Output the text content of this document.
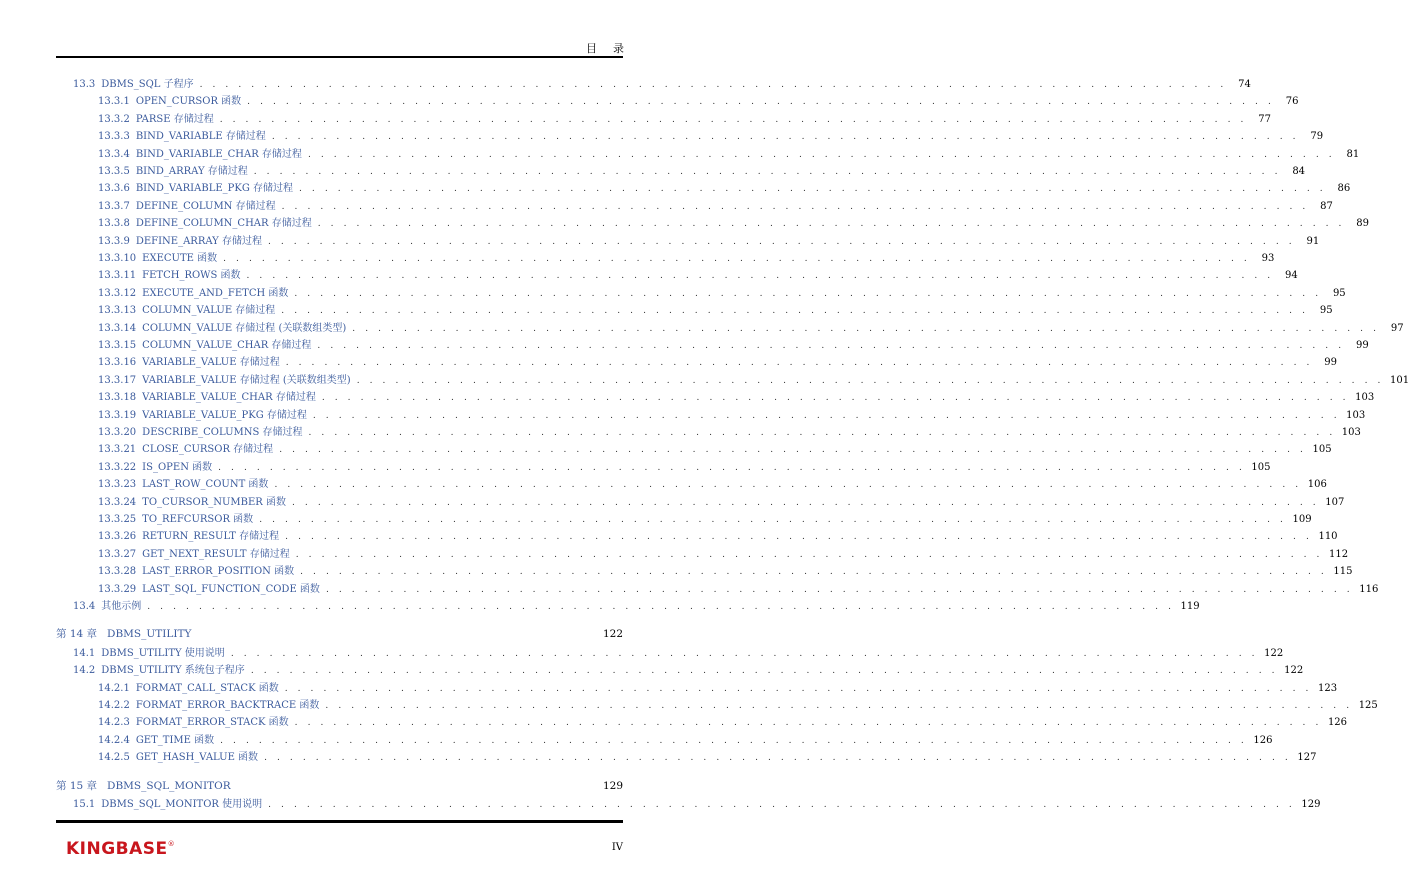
目录
13.3 DBMS_SQL 子程序 . . . . . . . . . . . . . . . . . . . . . . . . . . . . . . . . . . . . . . . . . . . . . . . . . . . . . . . . . . . . . . . . . . . . . . . . . . . . . . . .	74
13.3.1 OPEN_CURSOR 函数 . . . . . . . . . . . . . . . . . . . . . . . . . . . . . . . . . . . . . . . . . . . . . . . . . . . . . . . . . . . . . . . . . . . . . . . . . . . . . . . .	76
13.3.2 PARSE 存储过程 . . . . . . . . . . . . . . . . . . . . . . . . . . . . . . . . . . . . . . . . . . . . . . . . . . . . . . . . . . . . . . . . . . . . . . . . . . . . . . . .	77
13.3.3 BIND_VARIABLE 存储过程 . . . . . . . . . . . . . . . . . . . . . . . . . . . . . . . . . . . . . . . . . . . . . . . . . . . . . . . . . . . . . . . . . . . . . . . . . . . . . . . .	79
13.3.4 BIND_VARIABLE_CHAR 存储过程 . . . . . . . . . . . . . . . . . . . . . . . . . . . . . . . . . . . . . . . . . . . . . . . . . . . . . . . . . . . . . . . . . . . . . . . . . . . . . . . .	81
13.3.5 BIND_ARRAY 存储过程 . . . . . . . . . . . . . . . . . . . . . . . . . . . . . . . . . . . . . . . . . . . . . . . . . . . . . . . . . . . . . . . . . . . . . . . . . . . . . . . .	84
13.3.6 BIND_VARIABLE_PKG 存储过程 . . . . . . . . . . . . . . . . . . . . . . . . . . . . . . . . . . . . . . . . . . . . . . . . . . . . . . . . . . . . . . . . . . . . . . . . . . . . . . . .	86
13.3.7 DEFINE_COLUMN 存储过程 . . . . . . . . . . . . . . . . . . . . . . . . . . . . . . . . . . . . . . . . . . . . . . . . . . . . . . . . . . . . . . . . . . . . . . . . . . . . . . . .	87
13.3.8 DEFINE_COLUMN_CHAR 存储过程 . . . . . . . . . . . . . . . . . . . . . . . . . . . . . . . . . . . . . . . . . . . . . . . . . . . . . . . . . . . . . . . . . . . . . . . . . . . . . . . .	89
13.3.9 DEFINE_ARRAY 存储过程 . . . . . . . . . . . . . . . . . . . . . . . . . . . . . . . . . . . . . . . . . . . . . . . . . . . . . . . . . . . . . . . . . . . . . . . . . . . . . . . .	91
13.3.10 EXECUTE 函数 . . . . . . . . . . . . . . . . . . . . . . . . . . . . . . . . . . . . . . . . . . . . . . . . . . . . . . . . . . . . . . . . . . . . . . . . . . . . . . . .	93
13.3.11 FETCH_ROWS 函数 . . . . . . . . . . . . . . . . . . . . . . . . . . . . . . . . . . . . . . . . . . . . . . . . . . . . . . . . . . . . . . . . . . . . . . . . . . . . . . . .	94
13.3.12 EXECUTE_AND_FETCH 函数 . . . . . . . . . . . . . . . . . . . . . . . . . . . . . . . . . . . . . . . . . . . . . . . . . . . . . . . . . . . . . . . . . . . . . . . . . . . . . . . .	95
13.3.13 COLUMN_VALUE 存储过程 . . . . . . . . . . . . . . . . . . . . . . . . . . . . . . . . . . . . . . . . . . . . . . . . . . . . . . . . . . . . . . . . . . . . . . . . . . . . . . . .	95
13.3.14 COLUMN_VALUE 存储过程 (关联数组类型) . . . . . . . . . . . . . . . . . . . . . . . . . . . . . . . . . . . . . . . . . . . . . . . . . . . . . . . . . . . . . . . . . . . . . . . . . . . . . . . .	97
13.3.15 COLUMN_VALUE_CHAR 存储过程 . . . . . . . . . . . . . . . . . . . . . . . . . . . . . . . . . . . . . . . . . . . . . . . . . . . . . . . . . . . . . . . . . . . . . . . . . . . . . . . .	99
13.3.16 VARIABLE_VALUE 存储过程 . . . . . . . . . . . . . . . . . . . . . . . . . . . . . . . . . . . . . . . . . . . . . . . . . . . . . . . . . . . . . . . . . . . . . . . . . . . . . . . .	99
13.3.17 VARIABLE_VALUE 存储过程 (关联数组类型) . . . . . . . . . . . . . . . . . . . . . . . . . . . . . . . . . . . . . . . . . . . . . . . . . . . . . . . . . . . . . . . . . . . . . . . . . . . . . . . . 101
13.3.18 VARIABLE_VALUE_CHAR 存储过程 . . . . . . . . . . . . . . . . . . . . . . . . . . . . . . . . . . . . . . . . . . . . . . . . . . . . . . . . . . . . . . . . . . . . . . . . . . . . . . . . 103
13.3.19 VARIABLE_VALUE_PKG 存储过程 . . . . . . . . . . . . . . . . . . . . . . . . . . . . . . . . . . . . . . . . . . . . . . . . . . . . . . . . . . . . . . . . . . . . . . . . . . . . . . . . 103
13.3.20 DESCRIBE_COLUMNS 存储过程 . . . . . . . . . . . . . . . . . . . . . . . . . . . . . . . . . . . . . . . . . . . . . . . . . . . . . . . . . . . . . . . . . . . . . . . . . . . . . . . . 103
13.3.21 CLOSE_CURSOR 存储过程 . . . . . . . . . . . . . . . . . . . . . . . . . . . . . . . . . . . . . . . . . . . . . . . . . . . . . . . . . . . . . . . . . . . . . . . . . . . . . . . . 105
13.3.22 IS_OPEN 函数 . . . . . . . . . . . . . . . . . . . . . . . . . . . . . . . . . . . . . . . . . . . . . . . . . . . . . . . . . . . . . . . . . . . . . . . . . . . . . . . . 105
13.3.23 LAST_ROW_COUNT 函数 . . . . . . . . . . . . . . . . . . . . . . . . . . . . . . . . . . . . . . . . . . . . . . . . . . . . . . . . . . . . . . . . . . . . . . . . . . . . . . . . 106
13.3.24 TO_CURSOR_NUMBER 函数 . . . . . . . . . . . . . . . . . . . . . . . . . . . . . . . . . . . . . . . . . . . . . . . . . . . . . . . . . . . . . . . . . . . . . . . . . . . . . . . . 107
13.3.25 TO_REFCURSOR 函数 . . . . . . . . . . . . . . . . . . . . . . . . . . . . . . . . . . . . . . . . . . . . . . . . . . . . . . . . . . . . . . . . . . . . . . . . . . . . . . . . 109
13.3.26 RETURN_RESULT 存储过程 . . . . . . . . . . . . . . . . . . . . . . . . . . . . . . . . . . . . . . . . . . . . . . . . . . . . . . . . . . . . . . . . . . . . . . . . . . . . . . . . 110
13.3.27 GET_NEXT_RESULT 存储过程 . . . . . . . . . . . . . . . . . . . . . . . . . . . . . . . . . . . . . . . . . . . . . . . . . . . . . . . . . . . . . . . . . . . . . . . . . . . . . . . . 112
13.3.28 LAST_ERROR_POSITION 函数 . . . . . . . . . . . . . . . . . . . . . . . . . . . . . . . . . . . . . . . . . . . . . . . . . . . . . . . . . . . . . . . . . . . . . . . . . . . . . . . . 115
13.3.29 LAST_SQL_FUNCTION_CODE 函数 . . . . . . . . . . . . . . . . . . . . . . . . . . . . . . . . . . . . . . . . . . . . . . . . . . . . . . . . . . . . . . . . . . . . . . . . . . . . . . . . 116
13.4 其他示例 . . . . . . . . . . . . . . . . . . . . . . . . . . . . . . . . . . . . . . . . . . . . . . . . . . . . . . . . . . . . . . . . . . . . . . . . . . . . . . . . 119
第 14 章 DBMS_UTILITY	122
14.1 DBMS_UTILITY 使用说明 . . . . . . . . . . . . . . . . . . . . . . . . . . . . . . . . . . . . . . . . . . . . . . . . . . . . . . . . . . . . . . . . . . . . . . . . . . . . . . . . 122
14.2 DBMS_UTILITY 系统包子程序 . . . . . . . . . . . . . . . . . . . . . . . . . . . . . . . . . . . . . . . . . . . . . . . . . . . . . . . . . . . . . . . . . . . . . . . . . . . . . . . . 122
14.2.1 FORMAT_CALL_STACK 函数 . . . . . . . . . . . . . . . . . . . . . . . . . . . . . . . . . . . . . . . . . . . . . . . . . . . . . . . . . . . . . . . . . . . . . . . . . . . . . . . . 123
14.2.2 FORMAT_ERROR_BACKTRACE 函数 . . . . . . . . . . . . . . . . . . . . . . . . . . . . . . . . . . . . . . . . . . . . . . . . . . . . . . . . . . . . . . . . . . . . . . . . . . . . . . . . 125
14.2.3 FORMAT_ERROR_STACK 函数 . . . . . . . . . . . . . . . . . . . . . . . . . . . . . . . . . . . . . . . . . . . . . . . . . . . . . . . . . . . . . . . . . . . . . . . . . . . . . . . . 126
14.2.4 GET_TIME 函数 . . . . . . . . . . . . . . . . . . . . . . . . . . . . . . . . . . . . . . . . . . . . . . . . . . . . . . . . . . . . . . . . . . . . . . . . . . . . . . . . 126
14.2.5 GET_HASH_VALUE 函数 . . . . . . . . . . . . . . . . . . . . . . . . . . . . . . . . . . . . . . . . . . . . . . . . . . . . . . . . . . . . . . . . . . . . . . . . . . . . . . . . 127
第 15 章 DBMS_SQL_MONITOR	129
15.1 DBMS_SQL_MONITOR 使用说明 . . . . . . . . . . . . . . . . . . . . . . . . . . . . . . . . . . . . . . . . . . . . . . . . . . . . . . . . . . . . . . . . . . . . . . . . . . . . . . . . 129
KINGBASE®	IV
